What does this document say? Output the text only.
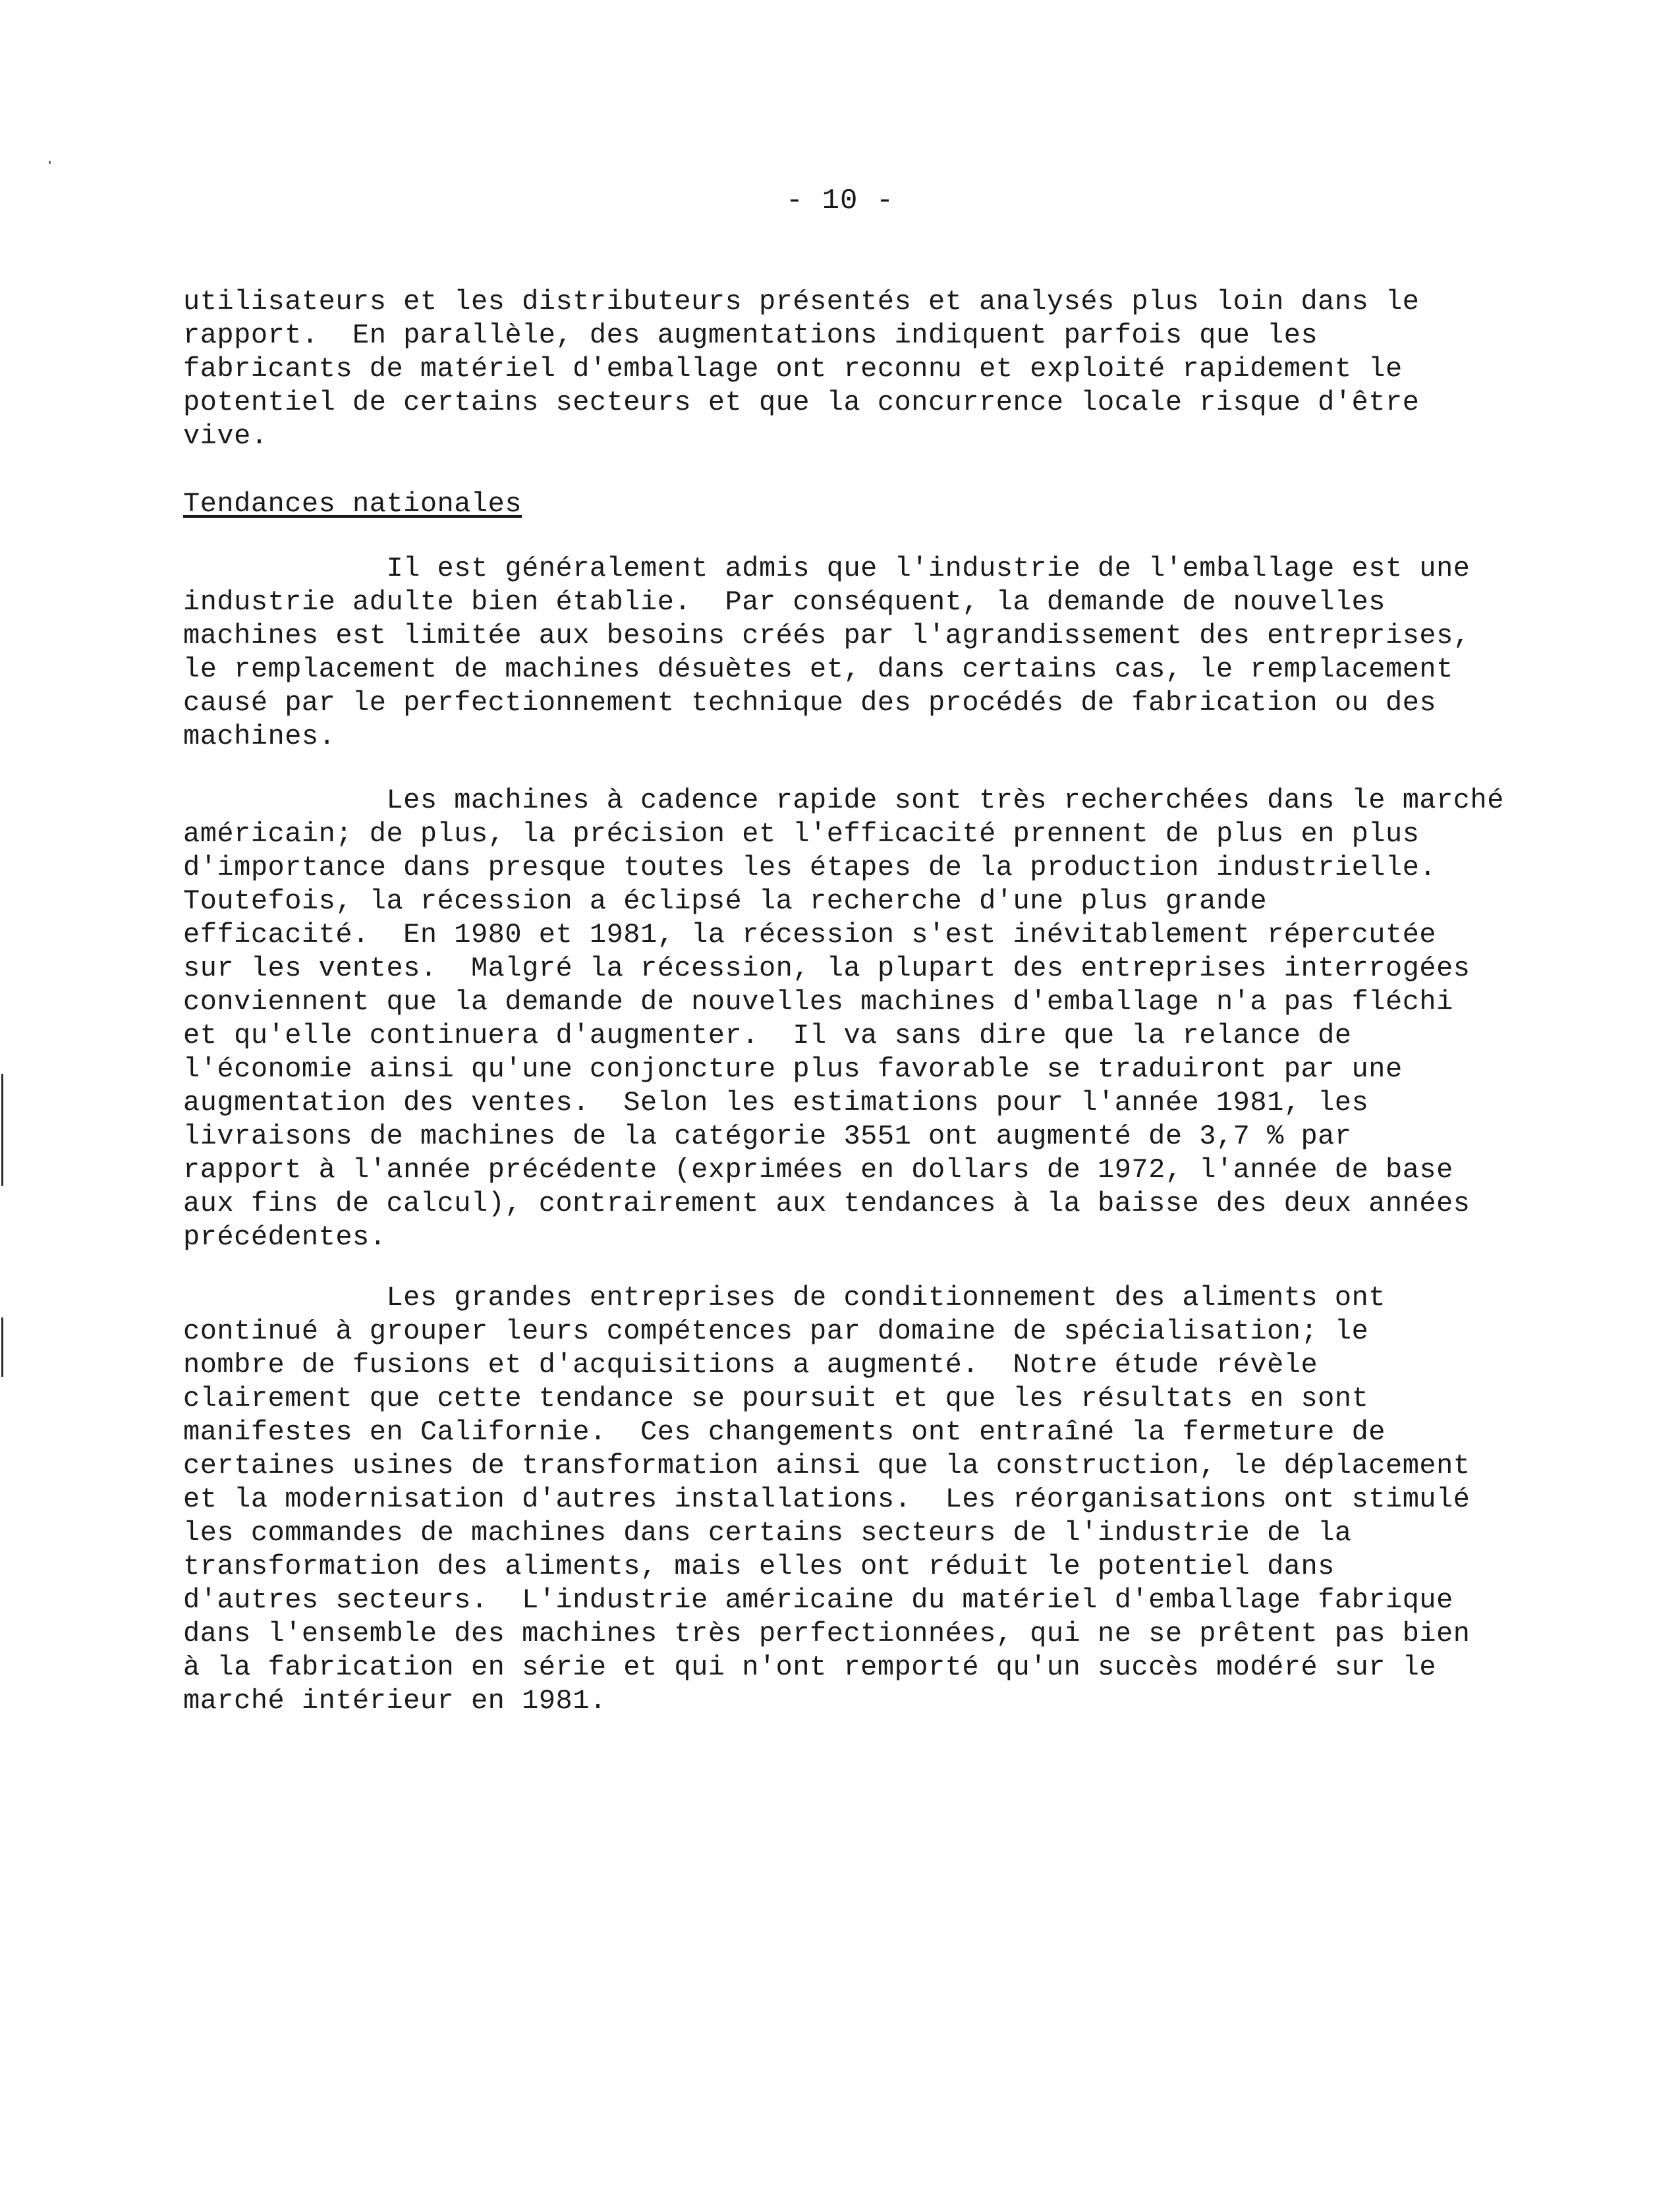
- 10 -
utilisateurs et les distributeurs présentés et analysés plus loin dans le
rapport.  En parallèle, des augmentations indiquent parfois que les
fabricants de matériel d'emballage ont reconnu et exploité rapidement le
potentiel de certains secteurs et que la concurrence locale risque d'être
vive.
Tendances nationales
Il est généralement admis que l'industrie de l'emballage est une
industrie adulte bien établie.  Par conséquent, la demande de nouvelles
machines est limitée aux besoins créés par l'agrandissement des entreprises,
le remplacement de machines désuètes et, dans certains cas, le remplacement
causé par le perfectionnement technique des procédés de fabrication ou des
machines.
Les machines à cadence rapide sont très recherchées dans le marché
américain; de plus, la précision et l'efficacité prennent de plus en plus
d'importance dans presque toutes les étapes de la production industrielle.
Toutefois, la récession a éclipsé la recherche d'une plus grande
efficacité.  En 1980 et 1981, la récession s'est inévitablement répercutée
sur les ventes.  Malgré la récession, la plupart des entreprises interrogées
conviennent que la demande de nouvelles machines d'emballage n'a pas fléchi
et qu'elle continuera d'augmenter.  Il va sans dire que la relance de
l'économie ainsi qu'une conjoncture plus favorable se traduiront par une
augmentation des ventes.  Selon les estimations pour l'année 1981, les
livraisons de machines de la catégorie 3551 ont augmenté de 3,7 % par
rapport à l'année précédente (exprimées en dollars de 1972, l'année de base
aux fins de calcul), contrairement aux tendances à la baisse des deux années
précédentes.
Les grandes entreprises de conditionnement des aliments ont
continué à grouper leurs compétences par domaine de spécialisation; le
nombre de fusions et d'acquisitions a augmenté.  Notre étude révèle
clairement que cette tendance se poursuit et que les résultats en sont
manifestes en Californie.  Ces changements ont entraîné la fermeture de
certaines usines de transformation ainsi que la construction, le déplacement
et la modernisation d'autres installations.  Les réorganisations ont stimulé
les commandes de machines dans certains secteurs de l'industrie de la
transformation des aliments, mais elles ont réduit le potentiel dans
d'autres secteurs.  L'industrie américaine du matériel d'emballage fabrique
dans l'ensemble des machines très perfectionnées, qui ne se prêtent pas bien
à la fabrication en série et qui n'ont remporté qu'un succès modéré sur le
marché intérieur en 1981.
